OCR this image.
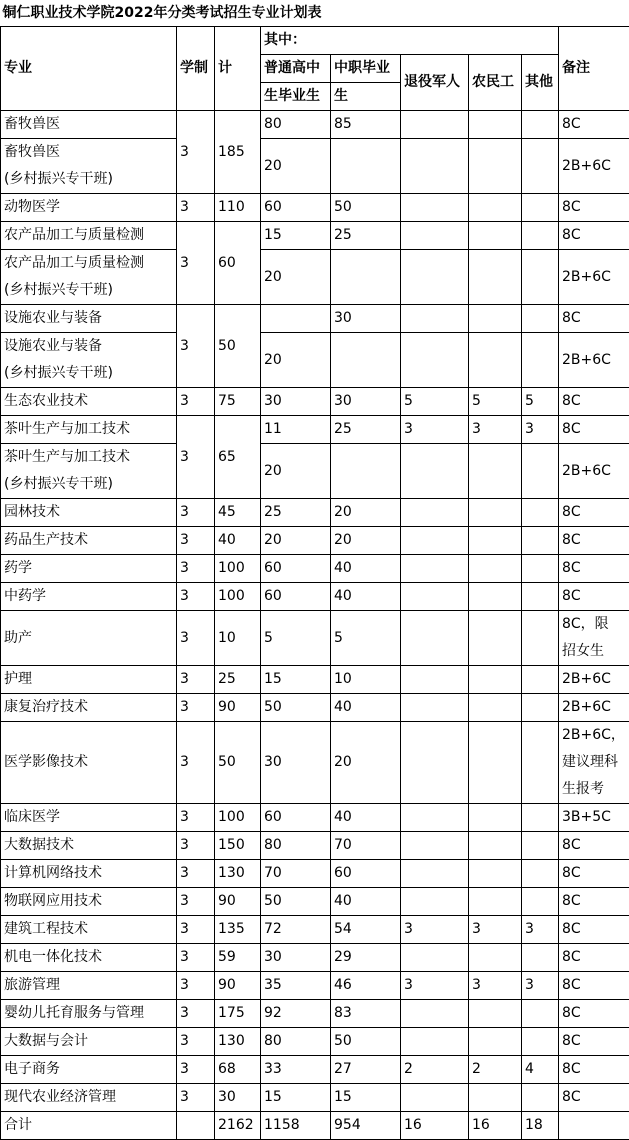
铜仁职业技术学院2022年分类考试招生专业计划表								
专业	学制	计	其中：					备注
			普通高中	中职毕业	退役军人	农民工	其他	
			生毕业生	生				

畜牧兽医	3	185	80	85				8C

畜牧兽医
(乡村振兴专干班)			20					2B+6C

动物医学	3	110	60	50				8C

农产品加工与质量检测	3	60	15	25				8C

农产品加工与质量检测
(乡村振兴专干班)			20					2B+6C

设施农业与装备	3	50		30				8C

设施农业与装备
(乡村振兴专干班)			20					2B+6C

生态农业技术	3	75	30	30	5	5	5	8C

茶叶生产与加工技术	3	65	11	25	3	3	3	8C

茶叶生产与加工技术
(乡村振兴专干班)			20					2B+6C

园林技术	3	45	25	20				8C

药品生产技术	3	40	20	20				8C

药学	3	100	60	40				8C

中药学	3	100	60	40				8C

助产	3	10	5	5				8C，限
招女生

护理	3	25	15	10				2B+6C

康复治疗技术	3	90	50	40				2B+6C

医学影像技术	3	50	30	20				2B+6C，
建议理科
生报考

临床医学	3	100	60	40				3B+5C

大数据技术	3	150	80	70				8C

计算机网络技术	3	130	70	60				8C

物联网应用技术	3	90	50	40				8C

建筑工程技术	3	135	72	54	3	3	3	8C

机电一体化技术	3	59	30	29				8C

旅游管理	3	90	35	46	3	3	3	8C

婴幼儿托育服务与管理	3	175	92	83				8C

大数据与会计	3	130	80	50				8C

电子商务	3	68	33	27	2	2	4	8C

现代农业经济管理	3	30	15	15				8C

合计		2162	1158	954	16	16	18	
